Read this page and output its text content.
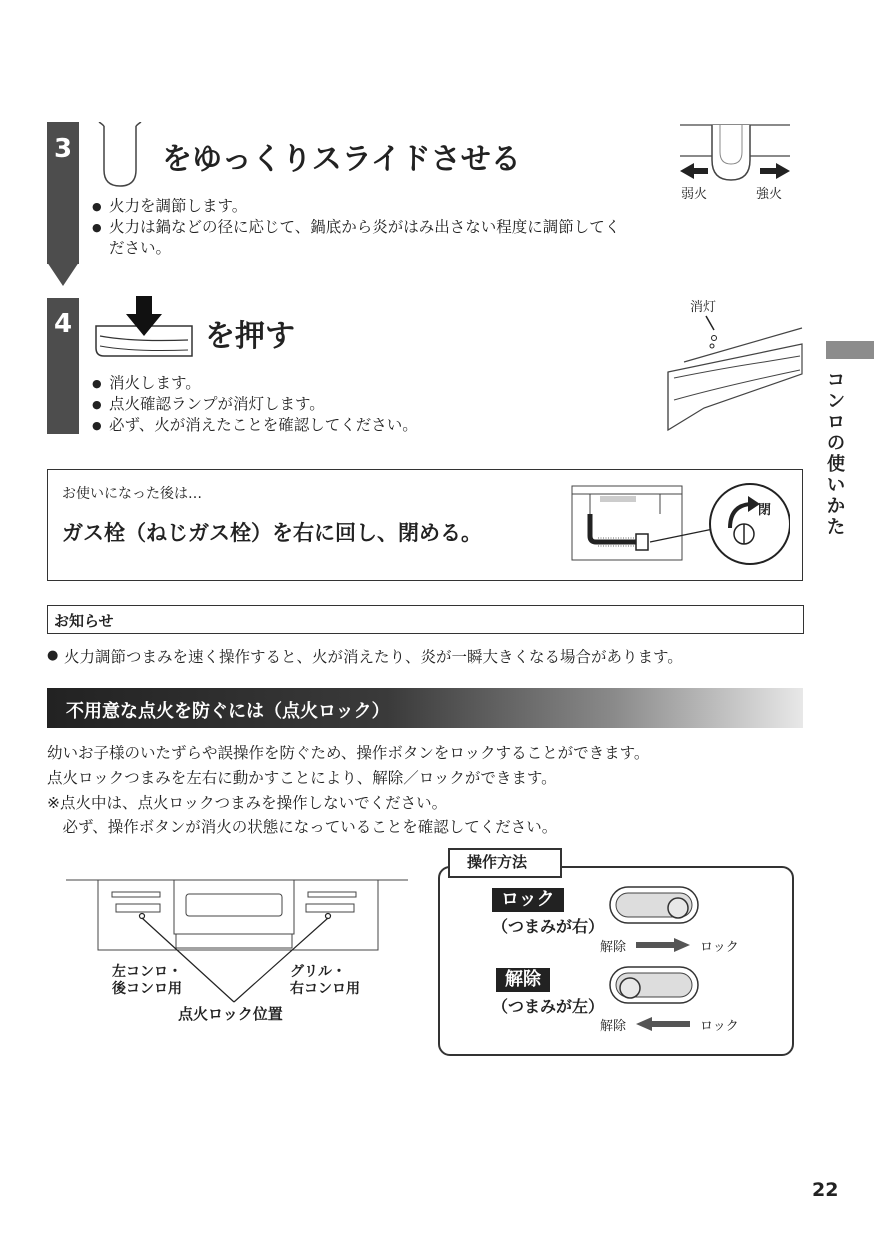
3	をゆっくりスライドさせる
● 火力を調節します。
● 火力は鍋などの径に応じて、鍋底から炎がはみ出さない程度に調節してください。
弱火	強火
4	を押す
● 消火します。
● 点火確認ランプが消灯します。
● 必ず、火が消えたことを確認してください。
消灯
コンロの使いかた
お使いになった後は…
ガス栓（ねじガス栓）を右に回し、閉める。
閉
お知らせ
● 火力調節つまみを速く操作すると、火が消えたり、炎が一瞬大きくなる場合があります。
不用意な点火を防ぐには（点火ロック）
幼いお子様のいたずらや誤操作を防ぐため、操作ボタンをロックすることができます。
点火ロックつまみを左右に動かすことにより、解除／ロックができます。
※点火中は、点火ロックつまみを操作しないでください。
　必ず、操作ボタンが消火の状態になっていることを確認してください。
左コンロ・
後コンロ用
グリル・
右コンロ用
点火ロック位置
操作方法
ロック
（つまみが右）
解除	ロック
解除
（つまみが左）
解除	ロック
22
